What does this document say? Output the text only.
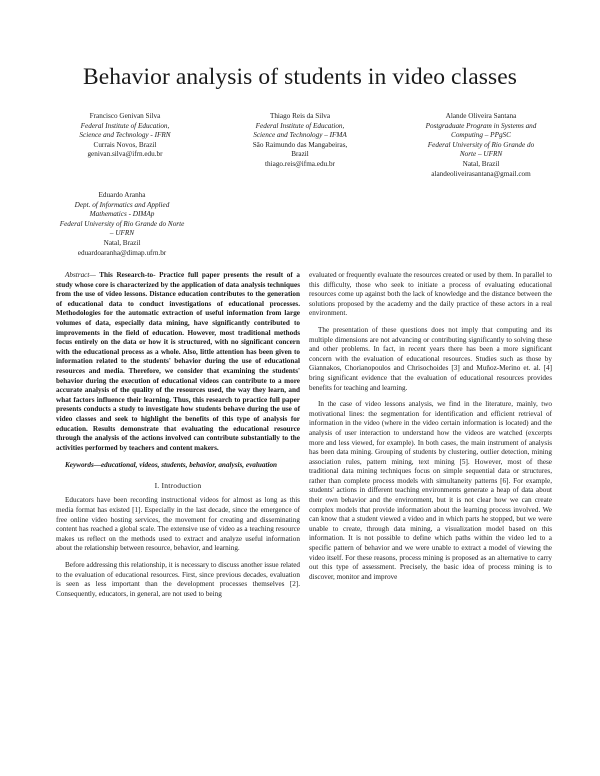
Behavior analysis of students in video classes
Francisco Genivan Silva
Federal Institute of Education,
Science and Technology - IFRN
Currais Novos, Brazil
genivan.silva@ifrn.edu.br
Thiago Reis da Silva
Federal Institute of Education,
Science and Technology – IFMA
São Raimundo das Mangabeiras,
Brazil
thiago.reis@ifma.edu.br
Alande Oliveira Santana
Postgraduate Program in Systems and
Computing – PPgSC
Federal University of Rio Grande do
Norte – UFRN
Natal, Brazil
alandeoliveirasantana@gmail.com
Eduardo Aranha
Dept. of Informatics and Applied
Mathematics - DIMAp
Federal University of Rio Grande do Norte
– UFRN
Natal, Brazil
eduardoaranha@dimap.ufrn.br

Abstract— This Research-to- Practice full paper presents the result of a study whose core is characterized by the application of data analysis techniques from the use of video lessons. Distance education contributes to the generation of educational data to conduct investigations of educational processes. Methodologies for the automatic extraction of useful information from large volumes of data, especially data mining, have significantly contributed to improvements in the field of education. However, most traditional methods focus entirely on the data or how it is structured, with no significant concern with the educational process as a whole. Also, little attention has been given to information related to the students' behavior during the use of educational resources and media. Therefore, we consider that examining the students' behavior during the execution of educational videos can contribute to a more accurate analysis of the quality of the resources used, the way they learn, and what factors influence their learning. Thus, this research to practice full paper presents conducts a study to investigate how students behave during the use of video classes and seek to highlight the benefits of this type of analysis for education. Results demonstrate that evaluating the educational resource through the analysis of the actions involved can contribute substantially to the activities performed by teachers and content makers.

Keywords—educational, videos, students, behavior, analysis, evaluation

I. Introduction

Educators have been recording instructional videos for almost as long as this media format has existed [1]. Especially in the last decade, since the emergence of free online video hosting services, the movement for creating and disseminating content has reached a global scale. The extensive use of video as a teaching resource makes us reflect on the methods used to extract and analyze useful information about the relationship between resource, behavior, and learning.

Before addressing this relationship, it is necessary to discuss another issue related to the evaluation of educational resources. First, since previous decades, evaluation is seen as less important than the development processes themselves [2]. Consequently, educators, in general, are not used to being

evaluated or frequently evaluate the resources created or used by them. In parallel to this difficulty, those who seek to initiate a process of evaluating educational resources come up against both the lack of knowledge and the distance between the solutions proposed by the academy and the daily practice of these actors in a real environment.

The presentation of these questions does not imply that computing and its multiple dimensions are not advancing or contributing significantly to solving these and other problems. In fact, in recent years there has been a more significant concern with the evaluation of educational resources. Studies such as those by Giannakos, Chorianopoulos and Chrisochoides [3] and Muñoz-Merino et. al. [4] bring significant evidence that the evaluation of educational resources provides benefits for teaching and learning.

In the case of video lessons analysis, we find in the literature, mainly, two motivational lines: the segmentation for identification and efficient retrieval of information in the video (where in the video certain information is located) and the analysis of user interaction to understand how the videos are watched (excerpts more and less viewed, for example). In both cases, the main instrument of analysis has been data mining. Grouping of students by clustering, outlier detection, mining association rules, pattern mining, text mining [5]. However, most of these traditional data mining techniques focus on simple sequential data or structures, rather than complete process models with simultaneity patterns [6]. For example, students' actions in different teaching environments generate a heap of data about their own behavior and the environment, but it is not clear how we can create complex models that provide information about the learning process involved. We can know that a student viewed a video and in which parts he stopped, but we were unable to create, through data mining, a visualization model based on this information. It is not possible to define which paths within the video led to a specific pattern of behavior and we were unable to extract a model of viewing the video itself. For these reasons, process mining is proposed as an alternative to carry out this type of assessment. Precisely, the basic idea of process mining is to discover, monitor and improve
